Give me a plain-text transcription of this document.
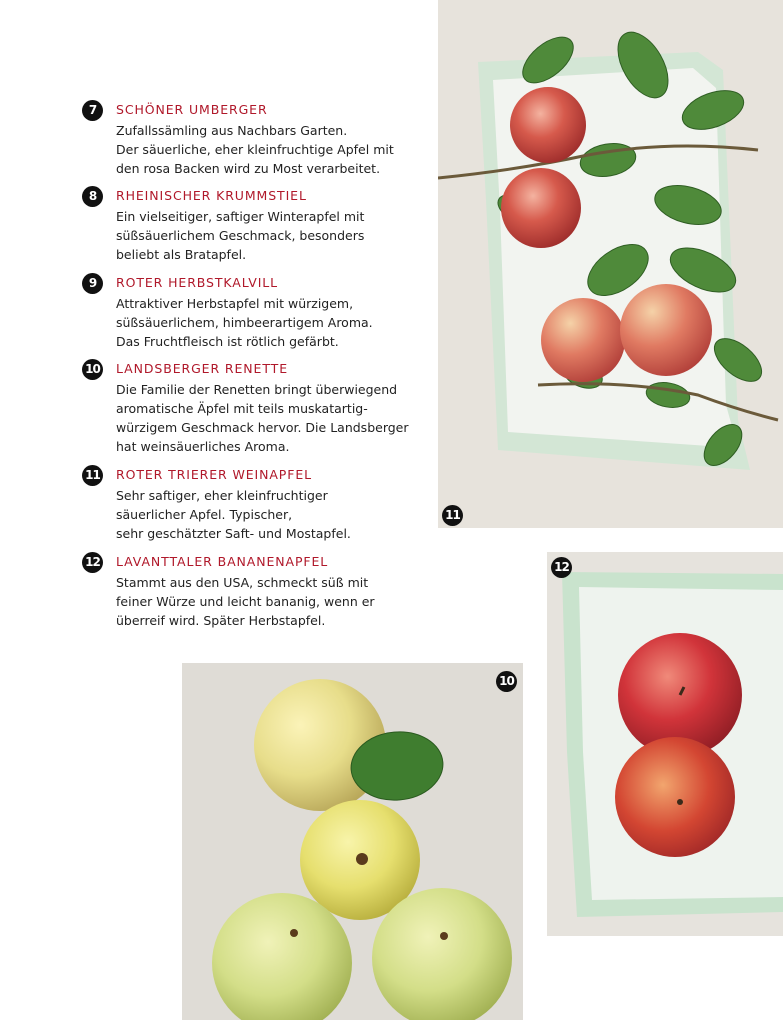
7	SCHÖNER UMBERGER
Zufallssämling aus Nachbars Garten.
Der säuerliche, eher kleinfruchtige Apfel mit
den rosa Backen wird zu Most verarbeitet.
8	RHEINISCHER KRUMMSTIEL
Ein vielseitiger, saftiger Winterapfel mit
süßsäuerlichem Geschmack, besonders
beliebt als Bratapfel.
9	ROTER HERBSTKALVILL
Attraktiver Herbstapfel mit würzigem,
süßsäuerlichem, himbeerartigem Aroma.
Das Fruchtfleisch ist rötlich gefärbt.
10 LANDSBERGER RENETTE
Die Familie der Renetten bringt überwiegend
aromatische Äpfel mit teils muskatartig-
würzigem Geschmack hervor. Die Landsberger
hat weinsäuerliches Aroma.
11 ROTER TRIERER WEINAPFEL
Sehr saftiger, eher kleinfruchtiger
säuerlicher Apfel. Typischer,
sehr geschätzter Saft- und Mostapfel.
12 LAVANTTALER BANANENAPFEL
Stammt aus den USA, schmeckt süß mit
feiner Würze und leicht bananig, wenn er
überreif wird. Später Herbstapfel.
11
12
10
